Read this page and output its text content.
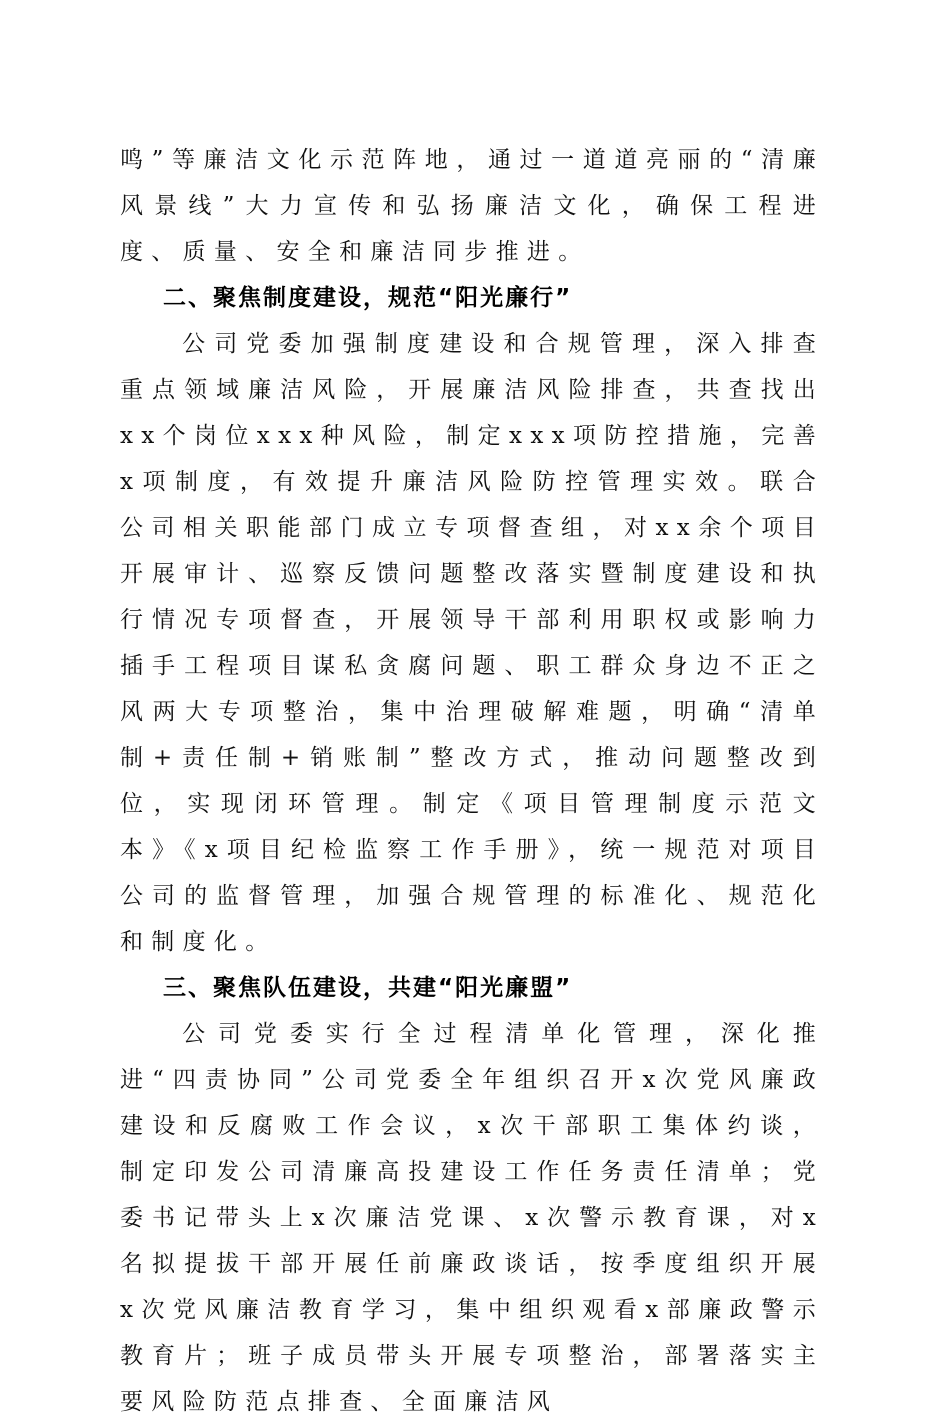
鸣”等廉洁文化示范阵地，通过一道道亮丽的“清廉风景线”大力宣传和弘扬廉洁文化，确保工程进度、质量、安全和廉洁同步推进。

二、聚焦制度建设，规范“阳光廉行”

公司党委加强制度建设和合规管理，深入排查重点领域廉洁风险，开展廉洁风险排查，共查找出xx个岗位xxx种风险，制定xxx项防控措施，完善x项制度，有效提升廉洁风险防控管理实效。联合公司相关职能部门成立专项督查组，对xx余个项目开展审计、巡察反馈问题整改落实暨制度建设和执行情况专项督查，开展领导干部利用职权或影响力插手工程项目谋私贪腐问题、职工群众身边不正之风两大专项整治，集中治理破解难题，明确“清单制+责任制+销账制”整改方式，推动问题整改到位，实现闭环管理。制定《项目管理制度示范文本》《x项目纪检监察工作手册》，统一规范对项目公司的监督管理，加强合规管理的标准化、规范化和制度化。

三、聚焦队伍建设，共建“阳光廉盟”

公司党委实行全过程清单化管理，深化推进“四责协同”公司党委全年组织召开x次党风廉政建设和反腐败工作会议，x次干部职工集体约谈，制定印发公司清廉高投建设工作任务责任清单；党委书记带头上x次廉洁党课、x次警示教育课，对x名拟提拔干部开展任前廉政谈话，按季度组织开展x次党风廉洁教育学习，集中组织观看x部廉政警示教育片；班子成员带头开展专项整治，部署落实主要风险防范点排查、全面廉洁风
